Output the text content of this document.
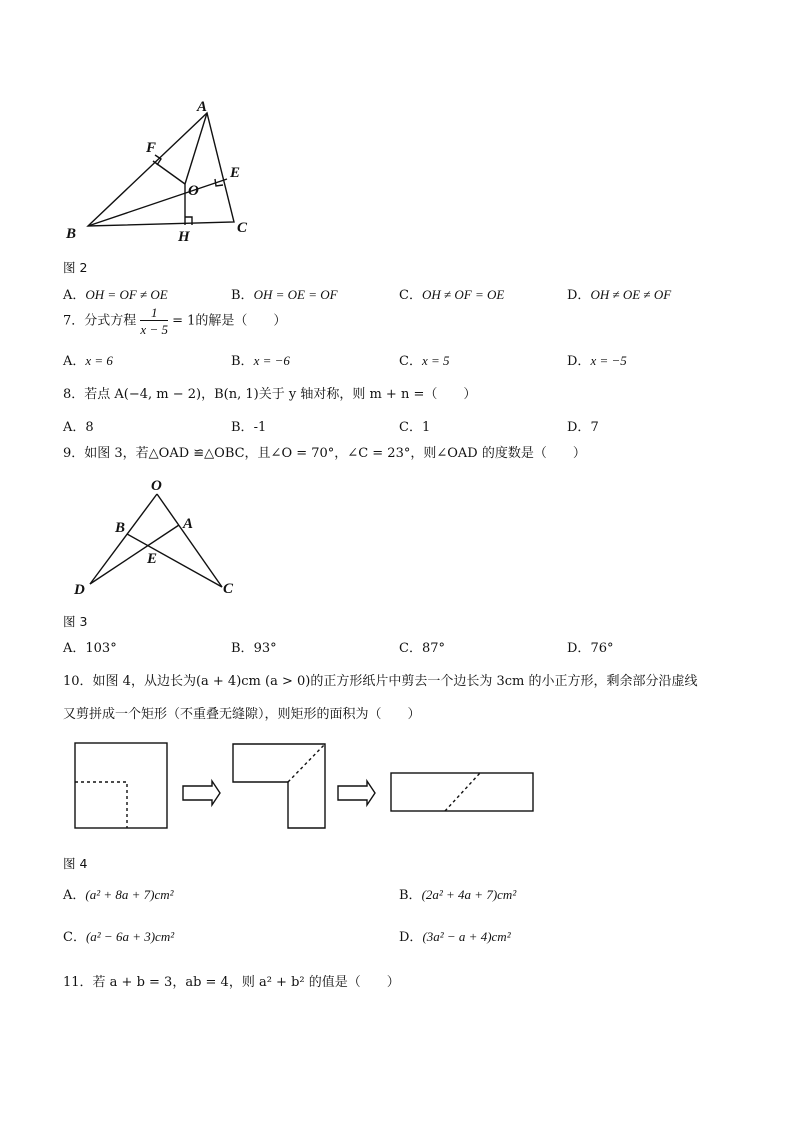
A
B	C
E
F
O
H
图 2
A．OH = OF ≠ OE	B．OH = OE = OF	C．OH ≠ OF = OE	D．OH ≠ OE ≠ OF
7．分式方程 $\frac{1}{x - 5} = 1$的解是（　　）
A．x = 6	B．x = −6	C．x = 5	D．x = −5
8．若点 A(−4, m − 2)，B(n, 1)关于 y 轴对称，则 m + n =（　　）
A．8	B．-1	C．1	D．7
9．如图 3，若△OAD ≌△OBC，且∠O = 70°，∠C = 23°，则∠OAD 的度数是（　　）
O
A
B
C
D
E
图 3
A．103°	B．93°	C．87°	D．76°
10．如图 4，从边长为(a + 4)cm (a > 0)的正方形纸片中剪去一个边长为 3cm 的小正方形，剩余部分沿虚线
又剪拼成一个矩形（不重叠无缝隙），则矩形的面积为（　　）
图 4
A．(a² + 8a + 7)cm²	B．(2a² + 4a + 7)cm²
C．(a² − 6a + 3)cm²	D．(3a² − a + 4)cm²
11．若 a + b = 3，ab = 4，则 a² + b² 的值是（　　）
